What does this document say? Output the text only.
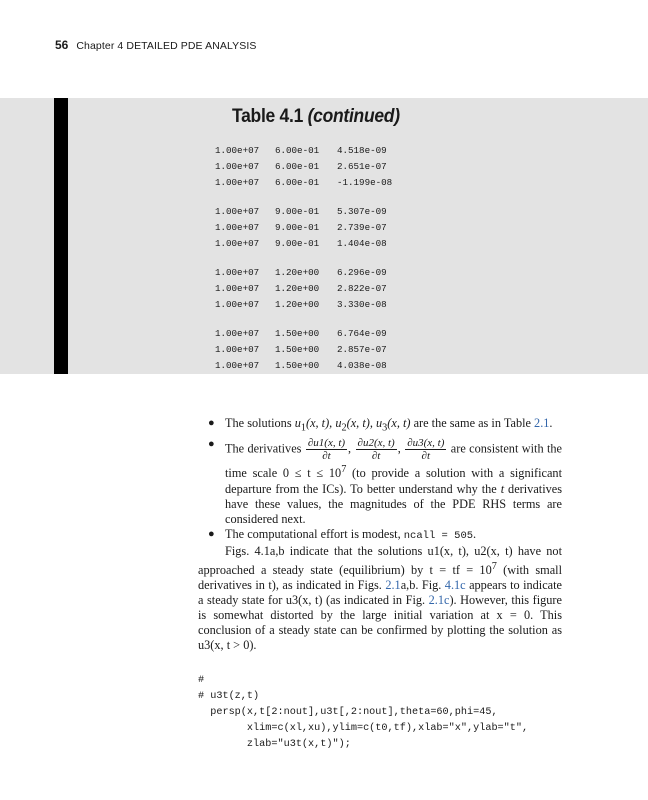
56 Chapter 4 DETAILED PDE ANALYSIS
Table 4.1 (continued)
1.00e+07 6.00e-01 4.518e-09
1.00e+07 6.00e-01 2.651e-07
1.00e+07 6.00e-01 -1.199e-08
1.00e+07 9.00e-01 5.307e-09
1.00e+07 9.00e-01 2.739e-07
1.00e+07 9.00e-01 1.404e-08
1.00e+07 1.20e+00 6.296e-09
1.00e+07 1.20e+00 2.822e-07
1.00e+07 1.20e+00 3.330e-08
1.00e+07 1.50e+00 6.764e-09
1.00e+07 1.50e+00 2.857e-07
1.00e+07 1.50e+00 4.038e-08

● The solutions $u_1(x$, t), $u_2(x$, t), $u_3(x$, t) are the same as in Table 2.1.

● The derivatives $\frac{\partial u1(x, t)}{\partial t}$ , $\frac{\partial u2(x, t)}{\partial t}$ , $\frac{\partial u3(x, t)}{\partial t}$ are consistent with the time scale $0 \le t \le 10^7$ (to provide a solution with a significant departure from the ICs). To better understand why the t derivatives have these values, the magnitudes of the PDE RHS terms are considered next.

● The computational effort is modest, ncall = 505.

Figs. 4.1a,b indicate that the solutions u1(x, t), u2(x, t) have not approached a steady state (equilibrium) by t = tf = $10^7$ (with small derivatives in t), as indicated in Figs. 2.1a,b. Fig. 4.1c appears to indicate a steady state for u3(x, t) (as indicated in Fig. 2.1c). However, this figure is somewhat distorted by the large initial variation at x = 0. This conclusion of a steady state can be confirmed by plotting the solution as u3(x, t > 0).

#
# u3t(z,t)
persp(x,t[2:nout],u3t[,2:nout],theta=60,phi=45,
xlim=c(xl,xu),ylim=c(t0,tf),xlab="x",ylab="t",
zlab="u3t(x,t)");
